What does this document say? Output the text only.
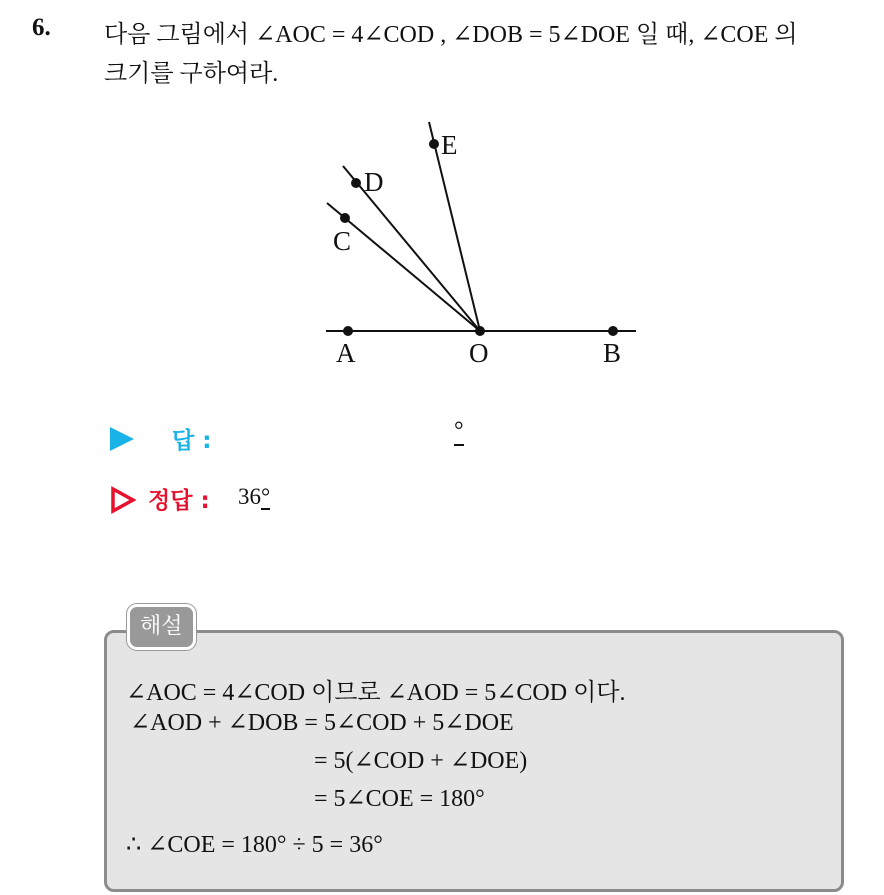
6. 다음 그림에서 ∠AOC = 4∠COD , ∠DOB = 5∠DOE 일 때, ∠COE 의
크기를 구하여라.
A	O	B
C
D
E
답 :	°
정답 : 36°
해설
∠AOC = 4∠COD 이므로 ∠AOD = 5∠COD 이다.
∠AOD + ∠DOB = 5∠COD + 5∠DOE
= 5(∠COD + ∠DOE)
= 5∠COE = 180°
∴ ∠COE = 180° ÷ 5 = 36°
